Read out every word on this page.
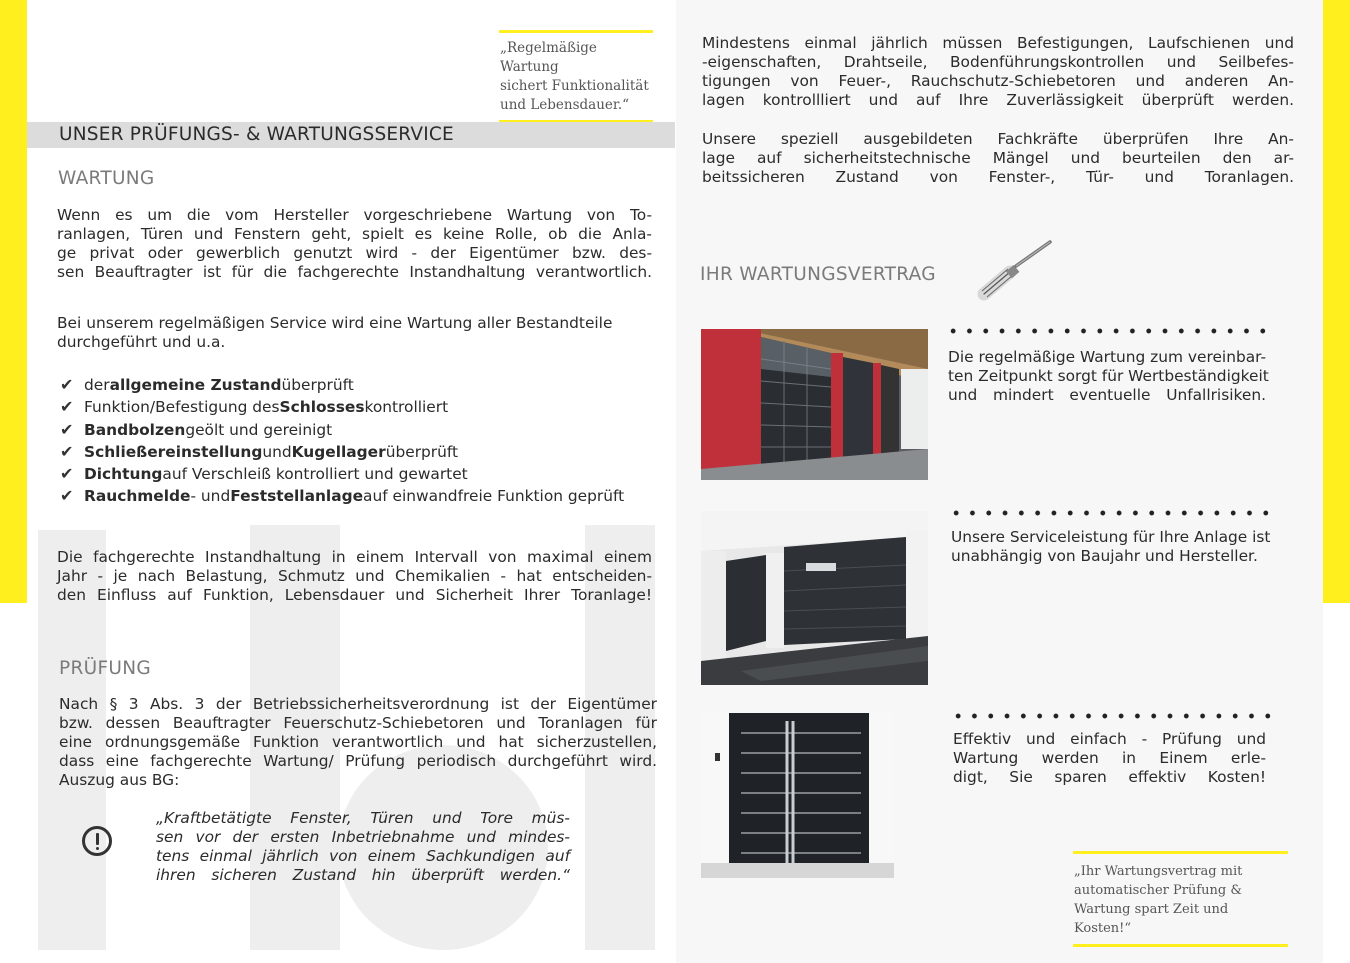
„Regelmäßige Wartung
sichert Funktionalität
und Lebensdauer.“
UNSER PRÜFUNGS- & WARTUNGSSERVICE
WARTUNG
Wenn es um die vom Hersteller vorgeschriebene Wartung von To-
ranlagen, Türen und Fenstern geht, spielt es keine Rolle, ob die Anla-
ge privat oder gewerblich genutzt wird - der Eigentümer bzw. des-
sen Beauftragter ist für die fachgerechte Instandhaltung verantwortlich.
Bei unserem regelmäßigen Service wird eine Wartung aller Bestandteile
durchgeführt und u.a.
✔ der allgemeine Zustand überprüft
✔ Funktion/Befestigung des Schlosses kontrolliert
✔ Bandbolzen geölt und gereinigt
✔ Schließereinstellung und Kugellager überprüft
✔ Dichtung auf Verschleiß kontrolliert und gewartet
✔ Rauchmelde - und Feststellanlage auf einwandfreie Funktion geprüft
Die fachgerechte Instandhaltung in einem Intervall von maximal einem
Jahr - je nach Belastung, Schmutz und Chemikalien - hat entscheiden-
den Einfluss auf Funktion, Lebensdauer und Sicherheit Ihrer Toranlage!
PRÜFUNG
Nach § 3 Abs. 3 der Betriebssicherheitsverordnung ist der Eigentümer
bzw. dessen Beauftragter Feuerschutz-Schiebetoren und Toranlagen für
eine ordnungsgemäße Funktion verantwortlich und hat sicherzustellen,
dass eine fachgerechte Wartung/ Prüfung periodisch durchgeführt wird.
Auszug aus BG:
„Kraftbetätigte Fenster, Türen und Tore müs-
sen vor der ersten Inbetriebnahme und mindes-
tens einmal jährlich von einem Sachkundigen auf
ihren sicheren Zustand hin überprüft werden.“
Mindestens einmal jährlich müssen Befestigungen, Laufschienen und
-eigenschaften, Drahtseile, Bodenführungskontrollen und Seilbefes-
tigungen von Feuer-, Rauchschutz-Schiebetoren und anderen An-
lagen kontrollliert und auf Ihre Zuverlässigkeit überprüft werden.
Unsere speziell ausgebildeten Fachkräfte überprüfen Ihre An-
lage auf sicherheitstechnische Mängel und beurteilen den ar-
beitssicheren Zustand von Fenster-, Tür- und Toranlagen.
IHR WARTUNGSVERTRAG
Die regelmäßige Wartung zum vereinbar-
ten Zeitpunkt sorgt für Wertbeständigkeit
und mindert eventuelle Unfallrisiken.
Unsere Serviceleistung für Ihre Anlage ist
unabhängig von Baujahr und Hersteller.
Effektiv und einfach - Prüfung und
Wartung werden in Einem erle-
digt, Sie sparen effektiv Kosten!
„Ihr Wartungsvertrag mit
automatischer Prüfung &
Wartung spart Zeit und Kosten!“
